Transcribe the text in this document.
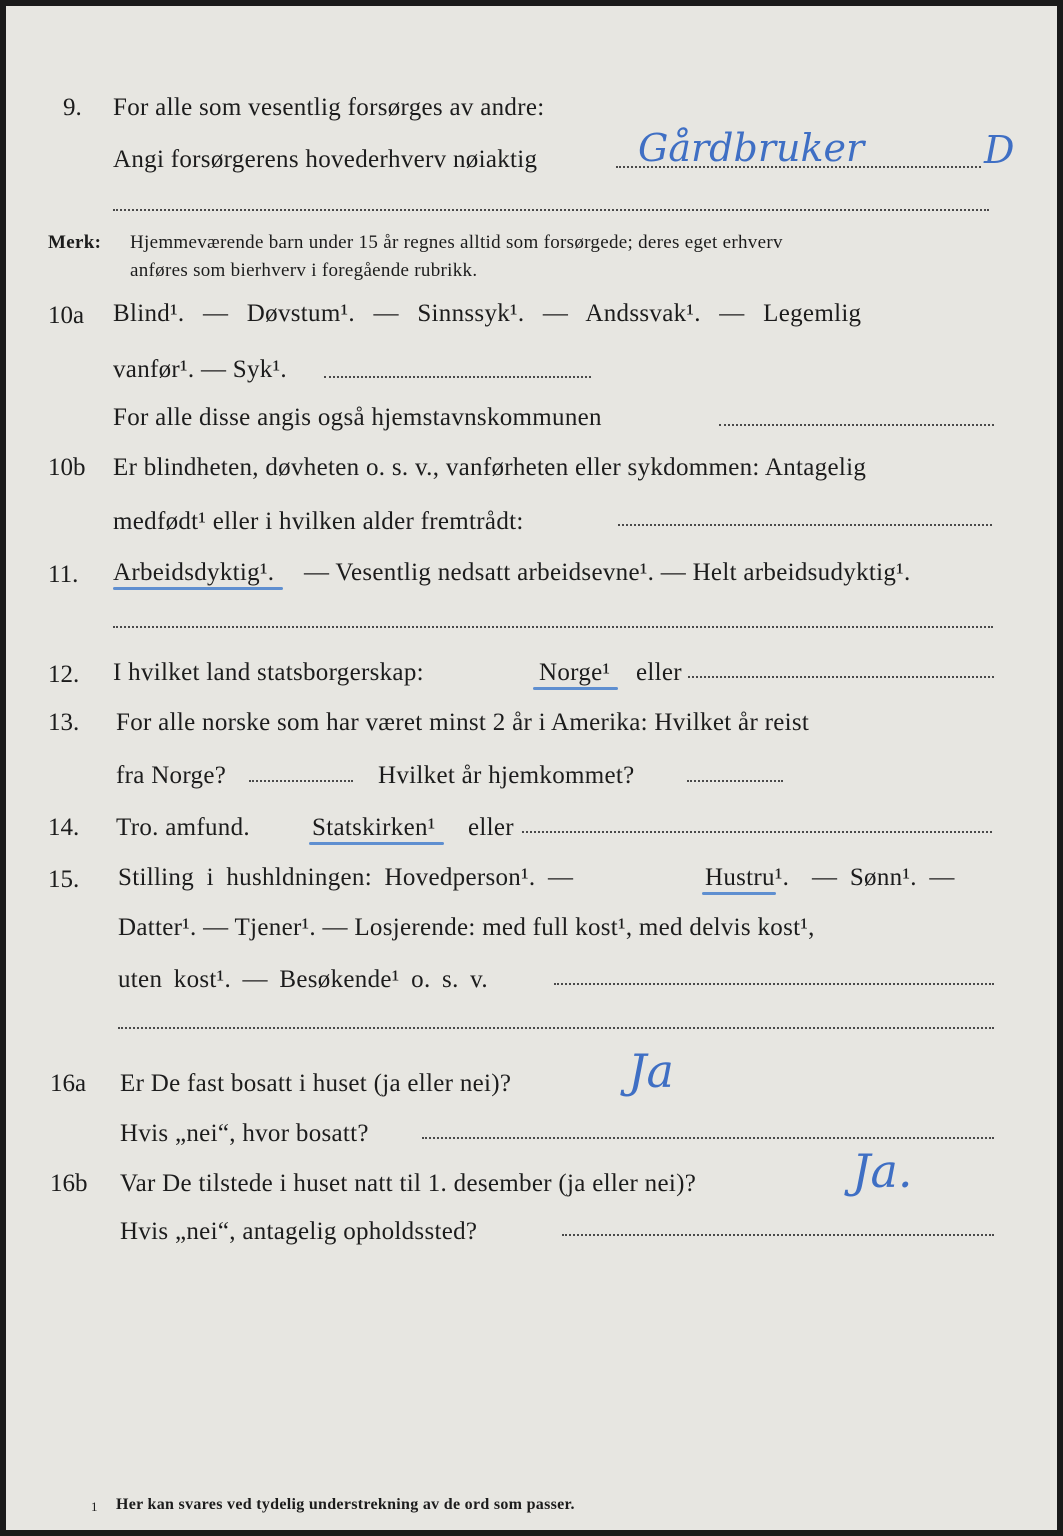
9. For alle som vesentlig forsørges av andre:
Angi forsørgerens hovederhverv nøiaktig	Gårdbruker	D
Merk: Hjemmeværende barn under 15 år regnes alltid som forsørgede; deres eget erhverv
anføres som bierhverv i foregående rubrikk.
10a Blind¹. — Døvstum¹. — Sinnssyk¹. — Andssvak¹. — Legemlig
vanfør¹. — Syk¹.
For alle disse angis også hjemstavnskommunen
10b Er blindheten, døvheten o. s. v., vanførheten eller sykdommen: Antagelig
medfødt¹ eller i hvilken alder fremtrådt:
11. Arbeidsdyktig¹. — Vesentlig nedsatt arbeidsevne¹. — Helt arbeidsudyktig¹.
12. I hvilket land statsborgerskap:	Norge¹ eller
13. For alle norske som har været minst 2 år i Amerika: Hvilket år reist
fra Norge?	Hvilket år hjemkommet?
14. Tro. amfund. Statskirken¹ eller
15. Stilling i hushldningen: Hovedperson¹. —	Hustru¹. — Sønn¹. —
Datter¹. — Tjener¹. — Losjerende: med full kost¹, med delvis kost¹,
uten kost¹. — Besøkende¹ o. s. v.
16a Er De fast bosatt i huset (ja eller nei)?	Ja
Hvis „nei“, hvor bosatt?
16b Var De tilstede i huset natt til 1. desember (ja eller nei)?	Ja.
Hvis „nei“, antagelig opholdssted?
1 Her kan svares ved tydelig understrekning av de ord som passer.
